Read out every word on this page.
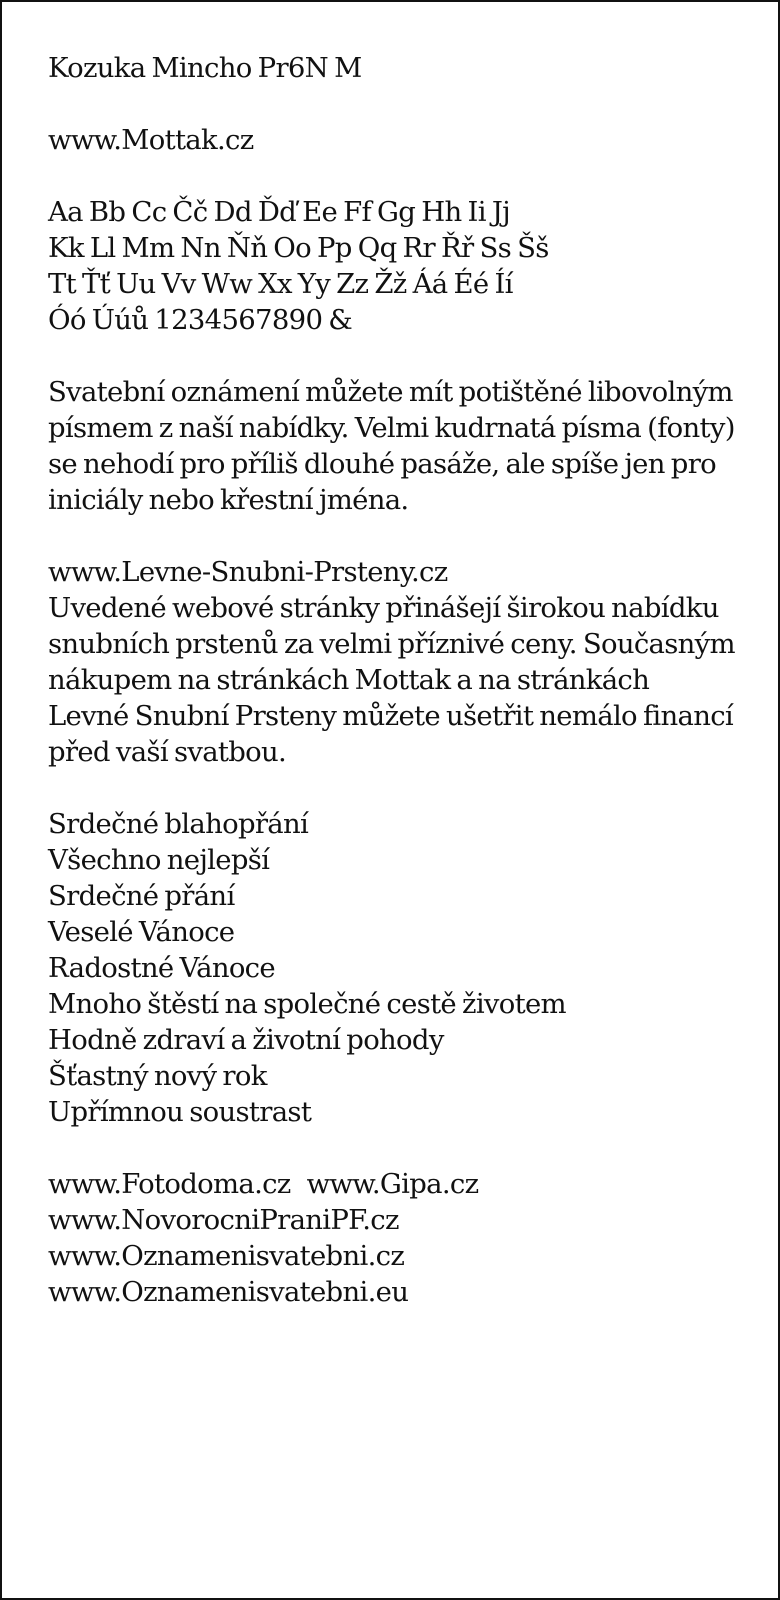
Kozuka Mincho Pr6N M
www.Mottak.cz
Aa Bb Cc Čč Dd Ďď Ee Ff Gg Hh Ii Jj
Kk Ll Mm Nn Ňň Oo Pp Qq Rr Řř Ss Šš
Tt Ťť Uu Vv Ww Xx Yy Zz Žž Áá Éé Íí
Óó Úúů 1234567890 &
Svatební oznámení můžete mít potištěné libovolným
písmem z naší nabídky. Velmi kudrnatá písma (fonty)
se nehodí pro příliš dlouhé pasáže, ale spíše jen pro
iniciály nebo křestní jména.
www.Levne-Snubni-Prsteny.cz
Uvedené webové stránky přinášejí širokou nabídku
snubních prstenů za velmi příznivé ceny. Současným
nákupem na stránkách Mottak a na stránkách
Levné Snubní Prsteny můžete ušetřit nemálo financí
před vaší svatbou.
Srdečné blahopřání
Všechno nejlepší
Srdečné přání
Veselé Vánoce
Radostné Vánoce
Mnoho štěstí na společné cestě životem
Hodně zdraví a životní pohody
Šťastný nový rok
Upřímnou soustrast
www.Fotodoma.cz www.Gipa.cz
www.NovorocniPraniPF.cz
www.Oznamenisvatebni.cz
www.Oznamenisvatebni.eu
